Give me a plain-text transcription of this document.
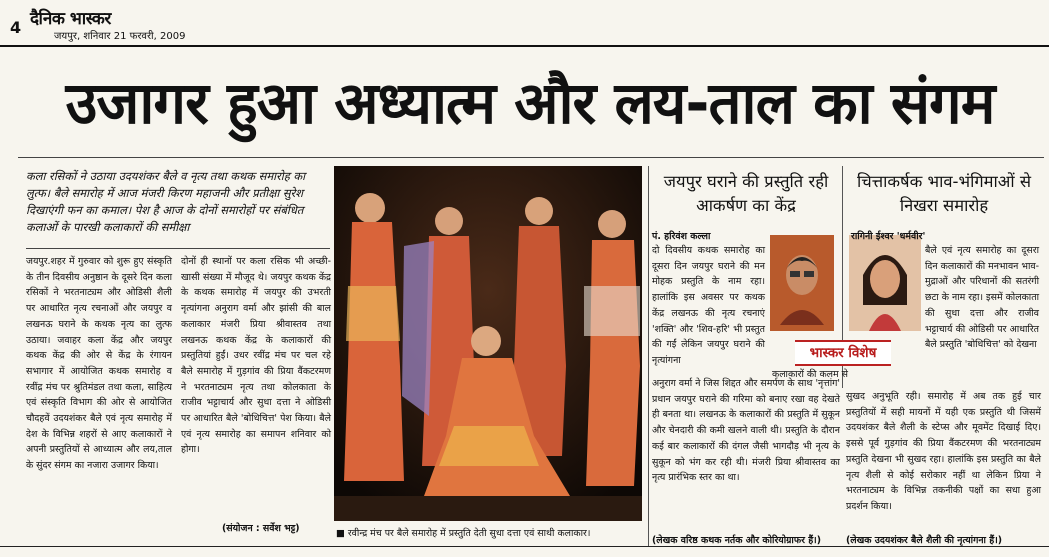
4 दैनिक भास्कर
जयपुर, शनिवार 21 फरवरी, 2009
उजागर हुआ अध्यात्म और लय-ताल का संगम
कला रसिकों ने उठाया उदयशंकर बैले व नृत्य तथा कथक समारोह का लुत्फ। बैले समारोह में आज मंजरी किरण महाजनी और प्रतीक्षा सुरेश दिखाएंगी फन का कमाल। पेश है आज के दोनों समारोहों पर संबंधित कलाओं के पारखी कलाकारों की समीक्षा
जयपुर.शहर में गुरुवार को शुरू हुए संस्कृति के तीन दिवसीय अनुष्ठान के दूसरे दिन कला रसिकों ने भरतनाट्यम और ओडिसी शैली पर आधारित नृत्य रचनाओं और जयपुर व लखनऊ घराने के कथक नृत्य का लुत्फ उठाया। जवाहर कला केंद्र और जयपुर कथक केंद्र की ओर से केंद्र के रंगायन सभागार में आयोजित कथक समारोह व रवींद्र मंच पर श्रुतिमंडल तथा कला, साहित्य एवं संस्कृति विभाग की ओर से आयोजित चौदहवें उदयशंकर बैले एवं नृत्य समारोह में देश के विभिन्न शहरों से आए कलाकारों ने अपनी प्रस्तुतियों से आध्यात्म और लय,ताल के सुंदर संगम का नजारा उजागर किया।
दोनों ही स्थानों पर कला रसिक भी अच्छी-खासी संख्या में मौजूद थे। जयपुर कथक केंद्र के कथक समारोह में जयपुर की उभरती नृत्यांगना अनुराग वर्मा और झांसी की बाल कलाकार मंजरी प्रिया श्रीवास्तव तथा लखनऊ कथक केंद्र के कलाकारों की प्रस्तुतियां हुईं। उधर रवींद्र मंच पर चल रहे बैले समारोह में गुड़गांव की प्रिया वैंकटरमण ने भरतनाट्यम नृत्य तथा कोलकाता के राजीव भट्टाचार्य और सुधा दत्ता ने ओडिसी पर आधारित बैले 'बोधिचित्त' पेश किया। बैले एवं नृत्य समारोह का समापन शनिवार को होगा।
(संयोजन : सर्वेश भट्ट)	■ रवीन्द्र मंच पर बैले समारोह में प्रस्तुति देती सुधा दत्ता एवं साथी कलाकार।
जयपुर घराने की प्रस्तुति रही आकर्षण का केंद्र
पं. हरिवंश कल्ला
दो दिवसीय कथक समारोह का दूसरा दिन जयपुर घराने की मन मोहक प्रस्तुति के नाम रहा। हालांकि इस अवसर पर कथक केंद्र लखनऊ की नृत्य रचनाएं 'शक्ति' और 'शिव-हरि' भी प्रस्तुत की गईं लेकिन जयपुर घराने की नृत्यांगना	भास्कर विशेष
कलाकारों की कलम से
अनुराग वर्मा ने जिस शिद्दत और समर्पण के साथ 'नृत्तांग' प्रधान जयपुर घराने की गरिमा को बनाए रखा वह देखते ही बनता था। लखनऊ के कलाकारों की प्रस्तुति में सुकून और चेनदारी की कमी खलने वाली थी। प्रस्तुति के दौरान कई बार कलाकारों की दंगल जैसी भागदौड़ भी नृत्य के सुकून को भंग कर रही थी। मंजरी प्रिया श्रीवास्तव का नृत्य प्रारंभिक स्तर का था।
(लेखक वरिष्ठ कथक नर्तक और कोरियोग्राफर हैं।)
चित्ताकर्षक भाव-भंगिमाओं से निखरा समारोह
रागिनी ईश्वर 'धर्मवीर'
बैले एवं नृत्य समारोह का दूसरा दिन कलाकारों की मनभावन भाव-मुद्राओं और परिधानों की सतरंगी छटा के नाम रहा। इसमें कोलकाता की सुधा दत्ता और राजीव भट्टाचार्य की ओडिसी पर आधारित बैले प्रस्तुति 'बोधिचित्त' को देखना
सुखद अनुभूति रही। समारोह में अब तक हुई चार प्रस्तुतियों में सही मायनों में यही एक प्रस्तुति थी जिसमें उदयशंकर बैले शैली के स्टेप्स और मूवमेंट दिखाई दिए। इससे पूर्व गुड़गांव की प्रिया वैंकटरमण की भरतनाट्यम प्रस्तुति देखना भी सुखद रहा। हालांकि इस प्रस्तुति का बैले नृत्य शैली से कोई सरोकार नहीं था लेकिन प्रिया ने भरतनाट्यम के विभिन्न तकनीकी पक्षों का सधा हुआ प्रदर्शन किया।
(लेखक उदयशंकर बैले शैली की नृत्यांगना हैं।)
